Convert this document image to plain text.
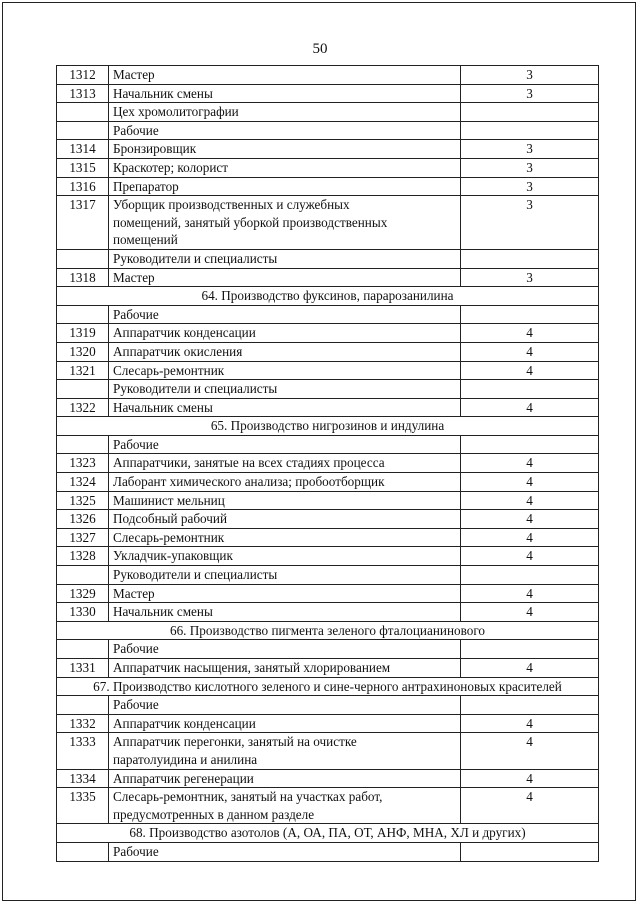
50
1312	Мастер	3
1313	Начальник смены	3
	Цех хромолитографии	
	Рабочие	
1314	Бронзировщик	3
1315	Краскотер; колорист	3
1316	Препаратор	3
1317	Уборщик производственных и служебных
помещений, занятый уборкой производственных
помещений	3
	Руководители и специалисты	
1318	Мастер	3
64. Производство фуксинов, парарозанилина		
	Рабочие	
1319	Аппаратчик конденсации	4
1320	Аппаратчик окисления	4
1321	Слесарь-ремонтник	4
	Руководители и специалисты	
1322	Начальник смены	4
65. Производство нигрозинов и индулина		
	Рабочие	
1323	Аппаратчики, занятые на всех стадиях процесса	4
1324	Лаборант химического анализа; пробоотборщик	4
1325	Машинист мельниц	4
1326	Подсобный рабочий	4
1327	Слесарь-ремонтник	4
1328	Укладчик-упаковщик	4
	Руководители и специалисты	
1329	Мастер	4
1330	Начальник смены	4
66. Производство пигмента зеленого фталоцианинового		
	Рабочие	
1331	Аппаратчик насыщения, занятый хлорированием	4
67. Производство кислотного зеленого и сине-черного антрахиноновых красителей		
	Рабочие	
1332	Аппаратчик конденсации	4
1333	Аппаратчик перегонки, занятый на очистке
паратолуидина и анилина	4
1334	Аппаратчик регенерации	4
1335	Слесарь-ремонтник, занятый на участках работ,
предусмотренных в данном разделе	4
68. Производство азотолов (А, ОА, ПА, ОТ, АНФ, МНА, ХЛ и других)		
	Рабочие	
